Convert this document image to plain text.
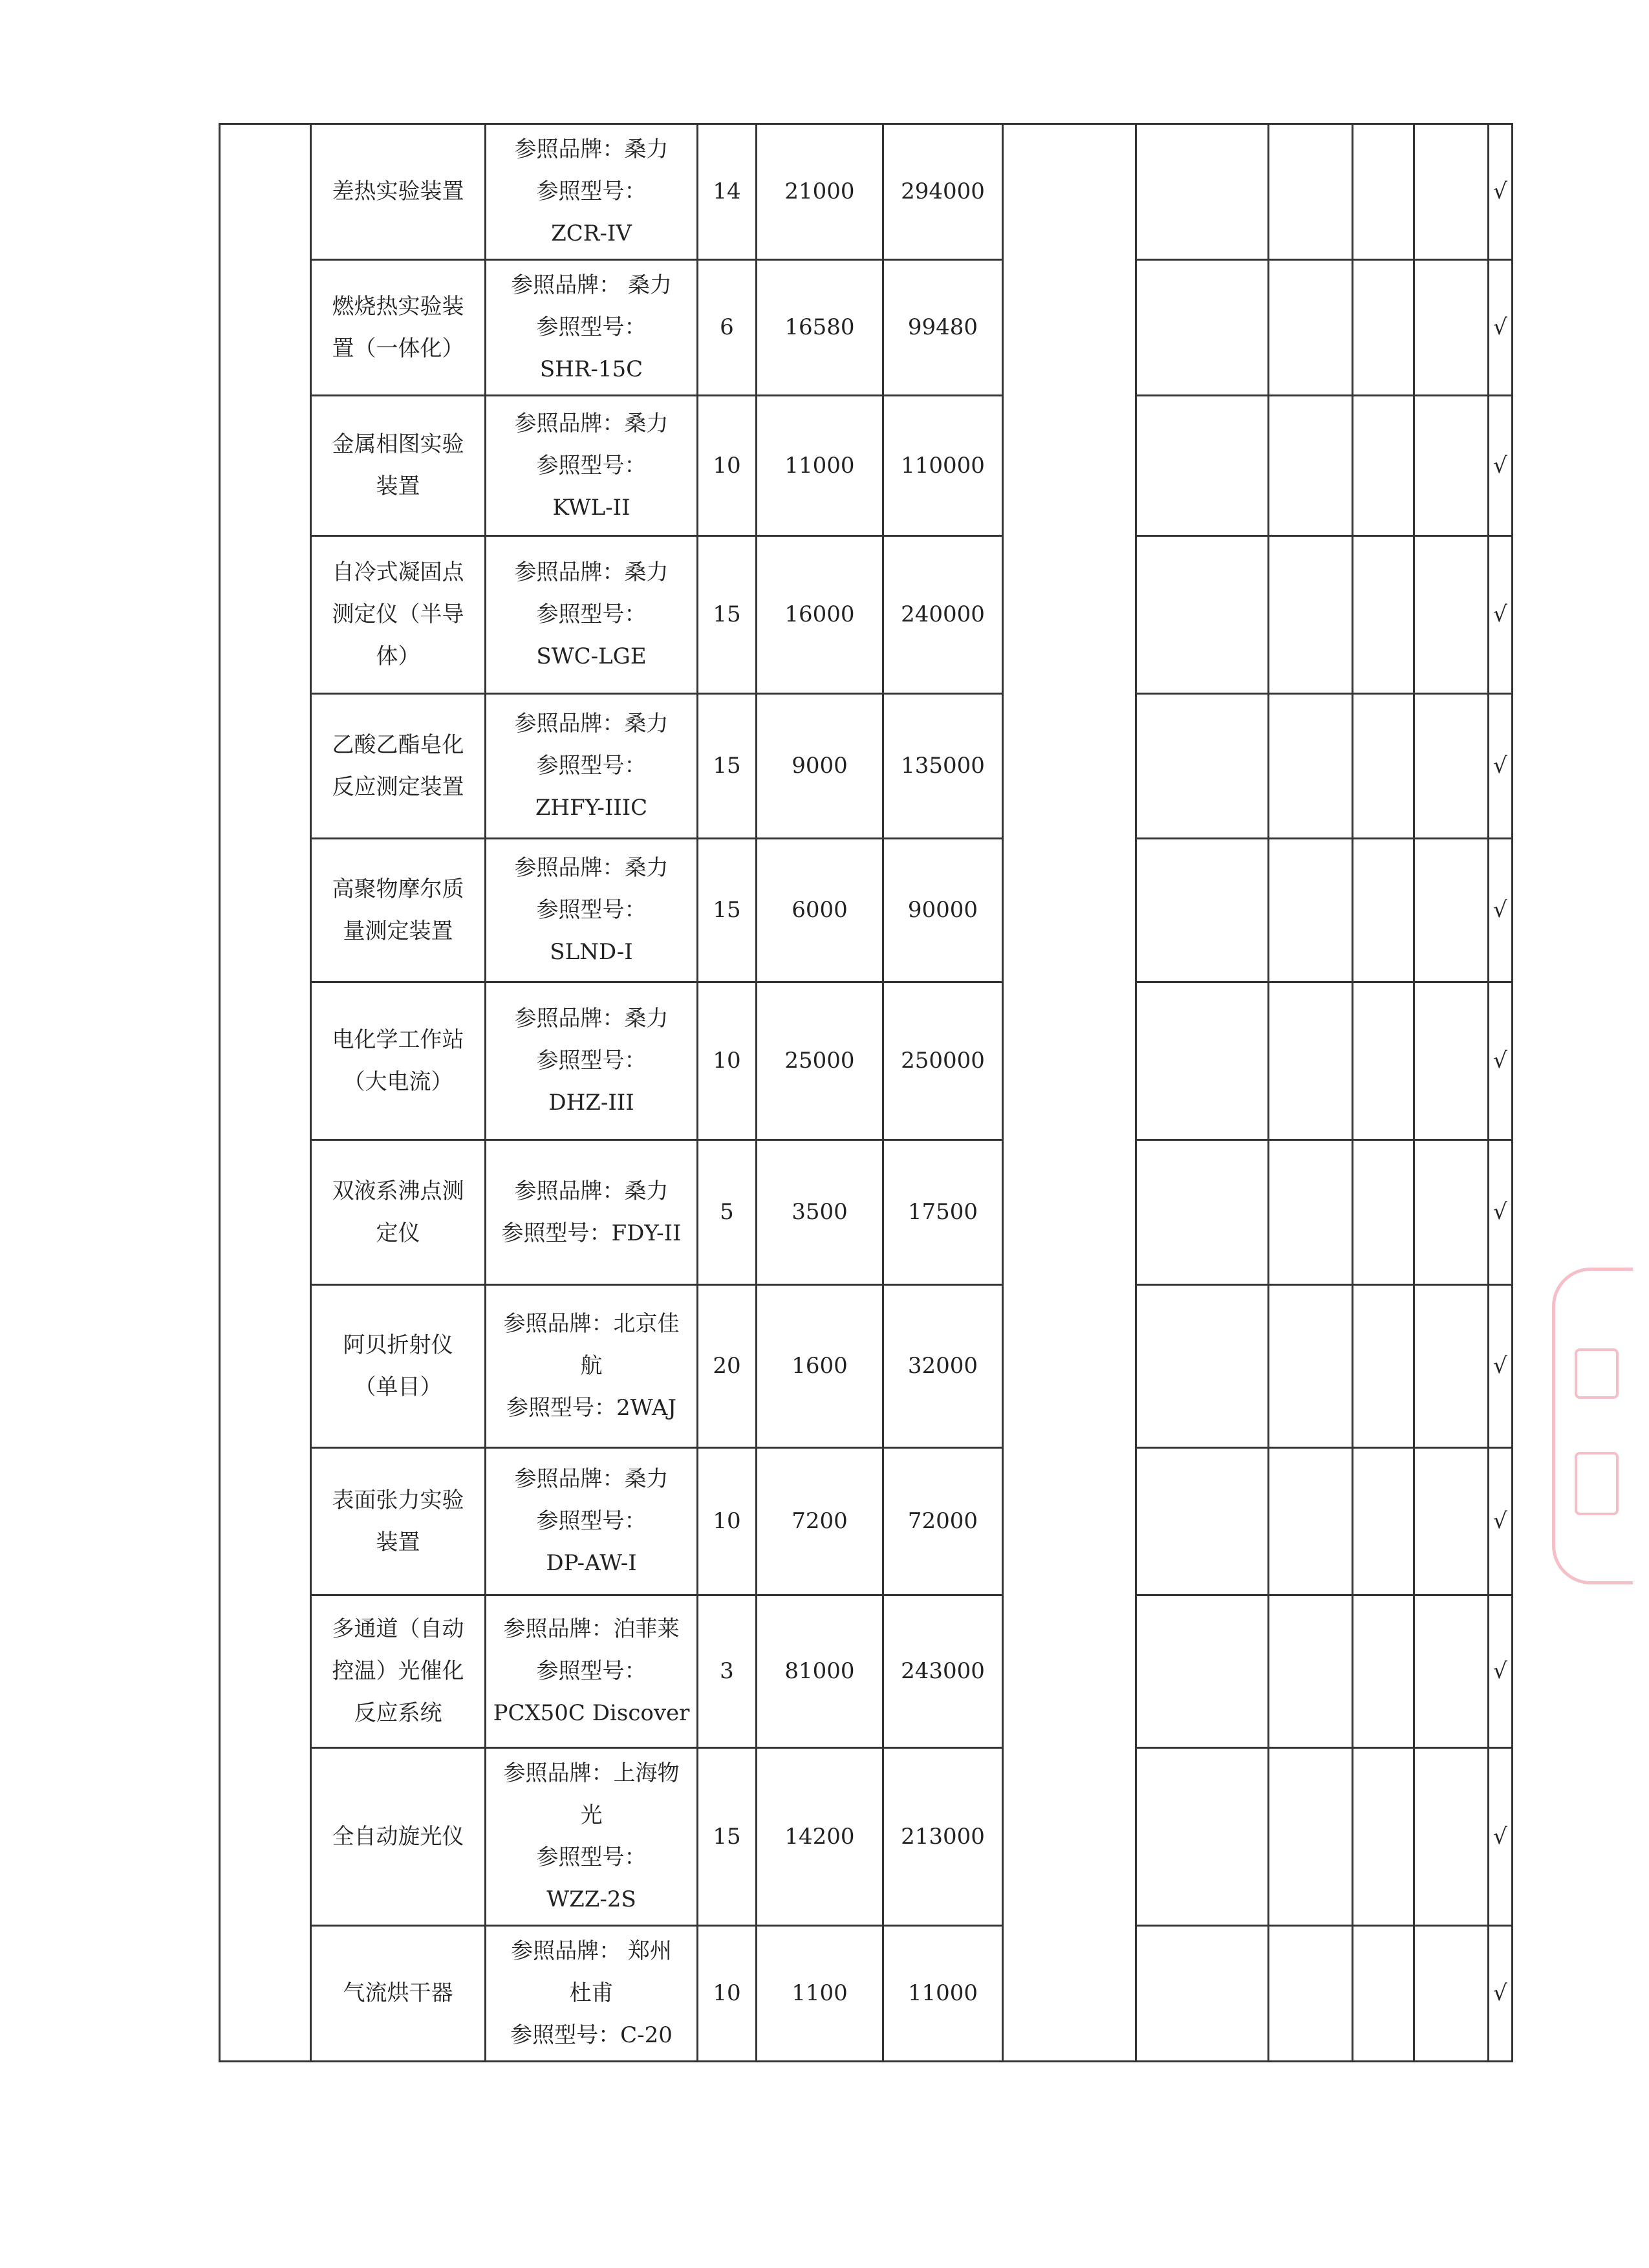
	差热实验装置	参照品牌：桑力
参照型号：
ZCR-IV	14	21000	294000						√

	燃烧热实验装
置（一体化）	参照品牌： 桑力
参照型号：
SHR-15C	6	16580	99480						√

	金属相图实验
装置	参照品牌：桑力
参照型号：
KWL-II	10	11000	110000						√

	自冷式凝固点
测定仪（半导
体）	参照品牌：桑力
参照型号：
SWC-LGE	15	16000	240000						√

	乙酸乙酯皂化
反应测定装置	参照品牌：桑力
参照型号：
ZHFY-IIIC	15	9000	135000						√

	高聚物摩尔质
量测定装置	参照品牌：桑力
参照型号：
SLND-I	15	6000	90000						√

	电化学工作站
（大电流）	参照品牌：桑力
参照型号：
DHZ-III	10	25000	250000						√

	双液系沸点测
定仪	参照品牌：桑力
参照型号：FDY-II	5	3500	17500						√

	阿贝折射仪
（单目）	参照品牌：北京佳
航
参照型号：2WAJ	20	1600	32000						√

	表面张力实验
装置	参照品牌：桑力
参照型号：
DP-AW-I	10	7200	72000						√

	多通道（自动
控温）光催化
反应系统	参照品牌：泊菲莱
参照型号：
PCX50C Discover	3	81000	243000						√

	全自动旋光仪	参照品牌：上海物
光
参照型号：
WZZ-2S	15	14200	213000						√

	气流烘干器	参照品牌： 郑州
杜甫
参照型号：C-20	10	1100	11000						√
